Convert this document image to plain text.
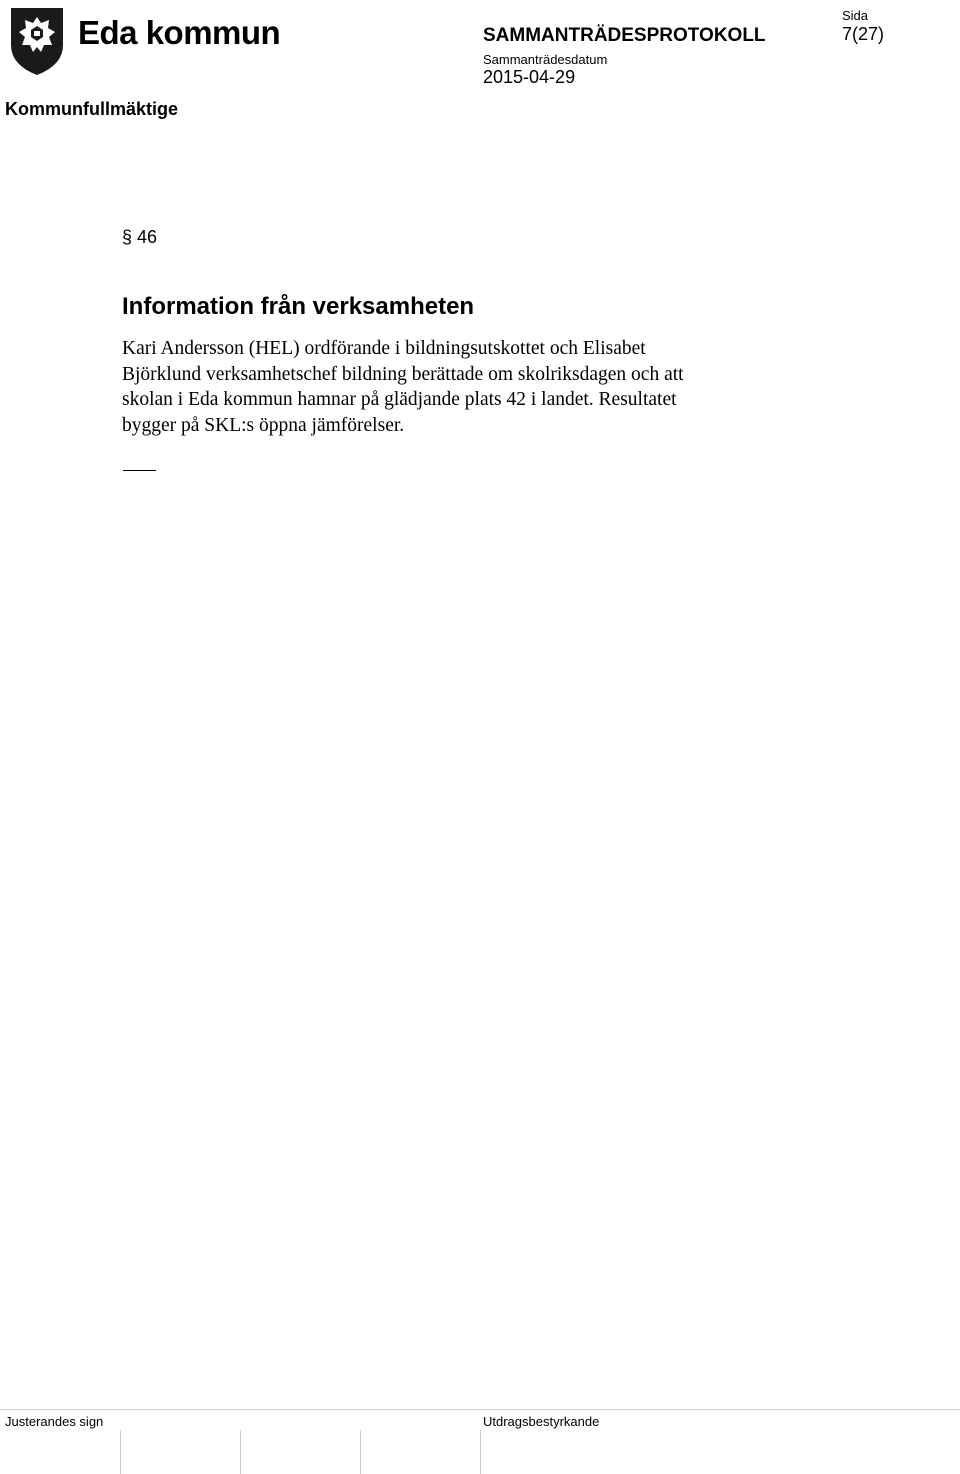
Eda kommun	SAMMANTRÄDESPROTOKOLL
Sammanträdesdatum
2015-04-29
Sida
7(27)
Kommunfullmäktige
§ 46
Information från verksamheten
Kari Andersson (HEL) ordförande i bildningsutskottet och Elisabet
Björklund verksamhetschef bildning berättade om skolriksdagen och att
skolan i Eda kommun hamnar på glädjande plats 42 i landet. Resultatet
bygger på SKL:s öppna jämförelser.
Justerandes sign	Utdragsbestyrkande
